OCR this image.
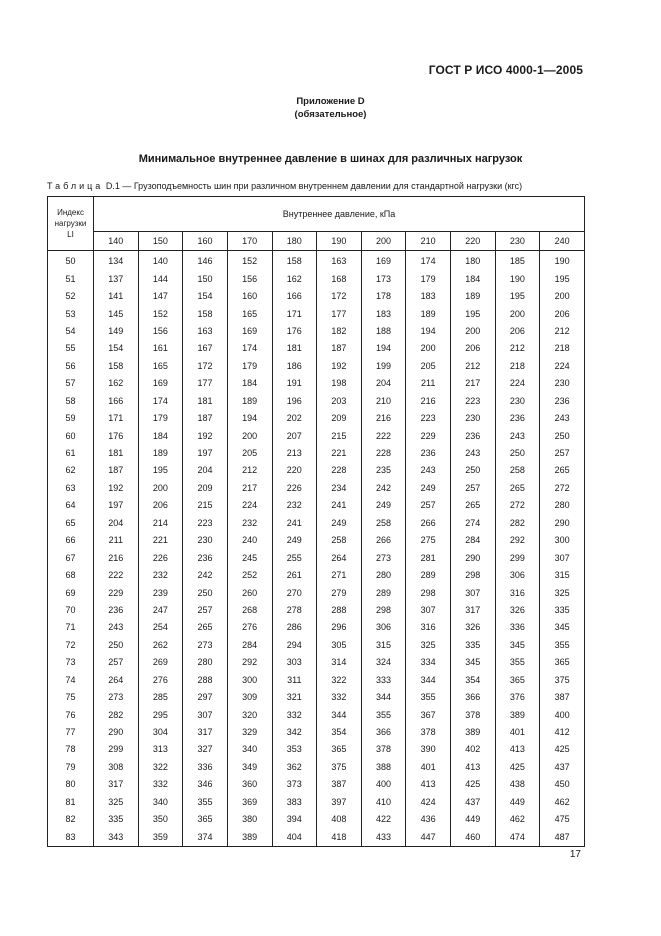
ГОСТ Р ИСО 4000-1—2005
Приложение D
(обязательное)
Минимальное внутреннее давление в шинах для различных нагрузок
Таблица D.1 — Грузоподъемность шин при различном внутреннем давлении для стандартной нагрузки (кгс)
Индекс
нагрузки
LI	Внутреннее давление, кПа										
	140	150	160	170	180	190	200	210	220	230	240
50	134	140	146	152	158	163	169	174	180	185	190
51	137	144	150	156	162	168	173	179	184	190	195
52	141	147	154	160	166	172	178	183	189	195	200
53	145	152	158	165	171	177	183	189	195	200	206
54	149	156	163	169	176	182	188	194	200	206	212
55	154	161	167	174	181	187	194	200	206	212	218
56	158	165	172	179	186	192	199	205	212	218	224
57	162	169	177	184	191	198	204	211	217	224	230
58	166	174	181	189	196	203	210	216	223	230	236
59	171	179	187	194	202	209	216	223	230	236	243
60	176	184	192	200	207	215	222	229	236	243	250
61	181	189	197	205	213	221	228	236	243	250	257
62	187	195	204	212	220	228	235	243	250	258	265
63	192	200	209	217	226	234	242	249	257	265	272
64	197	206	215	224	232	241	249	257	265	272	280
65	204	214	223	232	241	249	258	266	274	282	290
66	211	221	230	240	249	258	266	275	284	292	300
67	216	226	236	245	255	264	273	281	290	299	307
68	222	232	242	252	261	271	280	289	298	306	315
69	229	239	250	260	270	279	289	298	307	316	325
70	236	247	257	268	278	288	298	307	317	326	335
71	243	254	265	276	286	296	306	316	326	336	345
72	250	262	273	284	294	305	315	325	335	345	355
73	257	269	280	292	303	314	324	334	345	355	365
74	264	276	288	300	311	322	333	344	354	365	375
75	273	285	297	309	321	332	344	355	366	376	387
76	282	295	307	320	332	344	355	367	378	389	400
77	290	304	317	329	342	354	366	378	389	401	412
78	299	313	327	340	353	365	378	390	402	413	425
79	308	322	336	349	362	375	388	401	413	425	437
80	317	332	346	360	373	387	400	413	425	438	450
81	325	340	355	369	383	397	410	424	437	449	462
82	335	350	365	380	394	408	422	436	449	462	475
83	343	359	374	389	404	418	433	447	460	474	487
17
